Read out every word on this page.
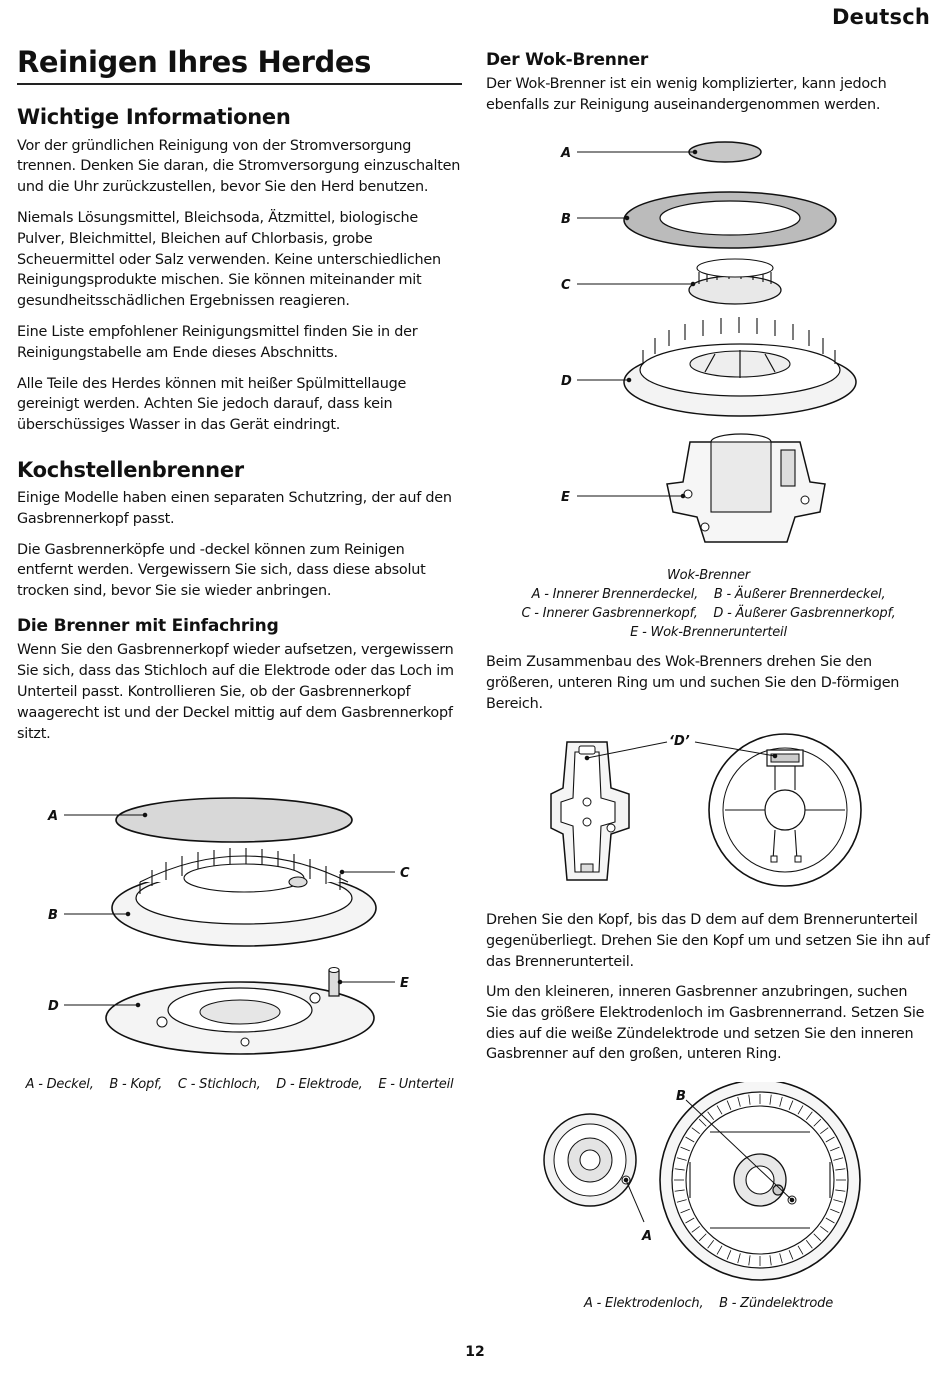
Deutsch
Reinigen Ihres Herdes
Wichtige Informationen

Vor der gründlichen Reinigung von der Stromversorgung trennen. Denken Sie daran, die Stromversorgung einzuschalten und die Uhr zurückzustellen, bevor Sie den Herd benutzen.

Niemals Lösungsmittel, Bleichsoda, Ätzmittel, biologische Pulver, Bleichmittel, Bleichen auf Chlorbasis, grobe Scheuermittel oder Salz verwenden. Keine unterschiedlichen Reinigungsprodukte mischen. Sie können miteinander mit gesundheitsschädlichen Ergebnissen reagieren.

Eine Liste empfohlener Reinigungsmittel finden Sie in der Reinigungstabelle am Ende dieses Abschnitts.

Alle Teile des Herdes können mit heißer Spülmittellauge gereinigt werden. Achten Sie jedoch darauf, dass kein überschüssiges Wasser in das Gerät eindringt.

Kochstellenbrenner

Einige Modelle haben einen separaten Schutzring, der auf den Gasbrennerkopf passt.

Die Gasbrennerköpfe und -deckel können zum Reinigen entfernt werden. Vergewissern Sie sich, dass diese absolut trocken sind, bevor Sie sie wieder anbringen.

Die Brenner mit Einfachring

Wenn Sie den Gasbrennerkopf wieder aufsetzen, vergewissern Sie sich, dass das Stichloch auf die Elektrode oder das Loch im Unterteil passt. Kontrollieren Sie, ob der Gasbrennerkopf waagerecht ist und der Deckel mittig auf dem Gasbrennerkopf sitzt.

A
B
C
D
E
A - Deckel,    B - Kopf,    C - Stichloch,    D - Elektrode,    E - Unterteil
Der Wok-Brenner

Der Wok-Brenner ist ein wenig komplizierter, kann jedoch ebenfalls zur Reinigung auseinandergenommen werden.

A
B
C
D
E
Wok-Brenner
A - Innerer Brennerdeckel,    B - Äußerer Brennerdeckel,
C - Innerer Gasbrennerkopf,    D - Äußerer Gasbrennerkopf,
E - Wok-Brennerunterteil

Beim Zusammenbau des Wok-Brenners drehen Sie den größeren, unteren Ring um und suchen Sie den D-förmigen Bereich.

‘D’

Drehen Sie den Kopf, bis das D dem auf dem Brennerunterteil gegenüberliegt. Drehen Sie den Kopf um und setzen Sie ihn auf das Brennerunterteil.

Um den kleineren, inneren Gasbrenner anzubringen, suchen Sie das größere Elektrodenloch im Gasbrennerrand. Setzen Sie dies auf die weiße Zündelektrode und setzen Sie den inneren Gasbrenner auf den großen, unteren Ring.

B
A
A - Elektrodenloch,    B - Zündelektrode
12
